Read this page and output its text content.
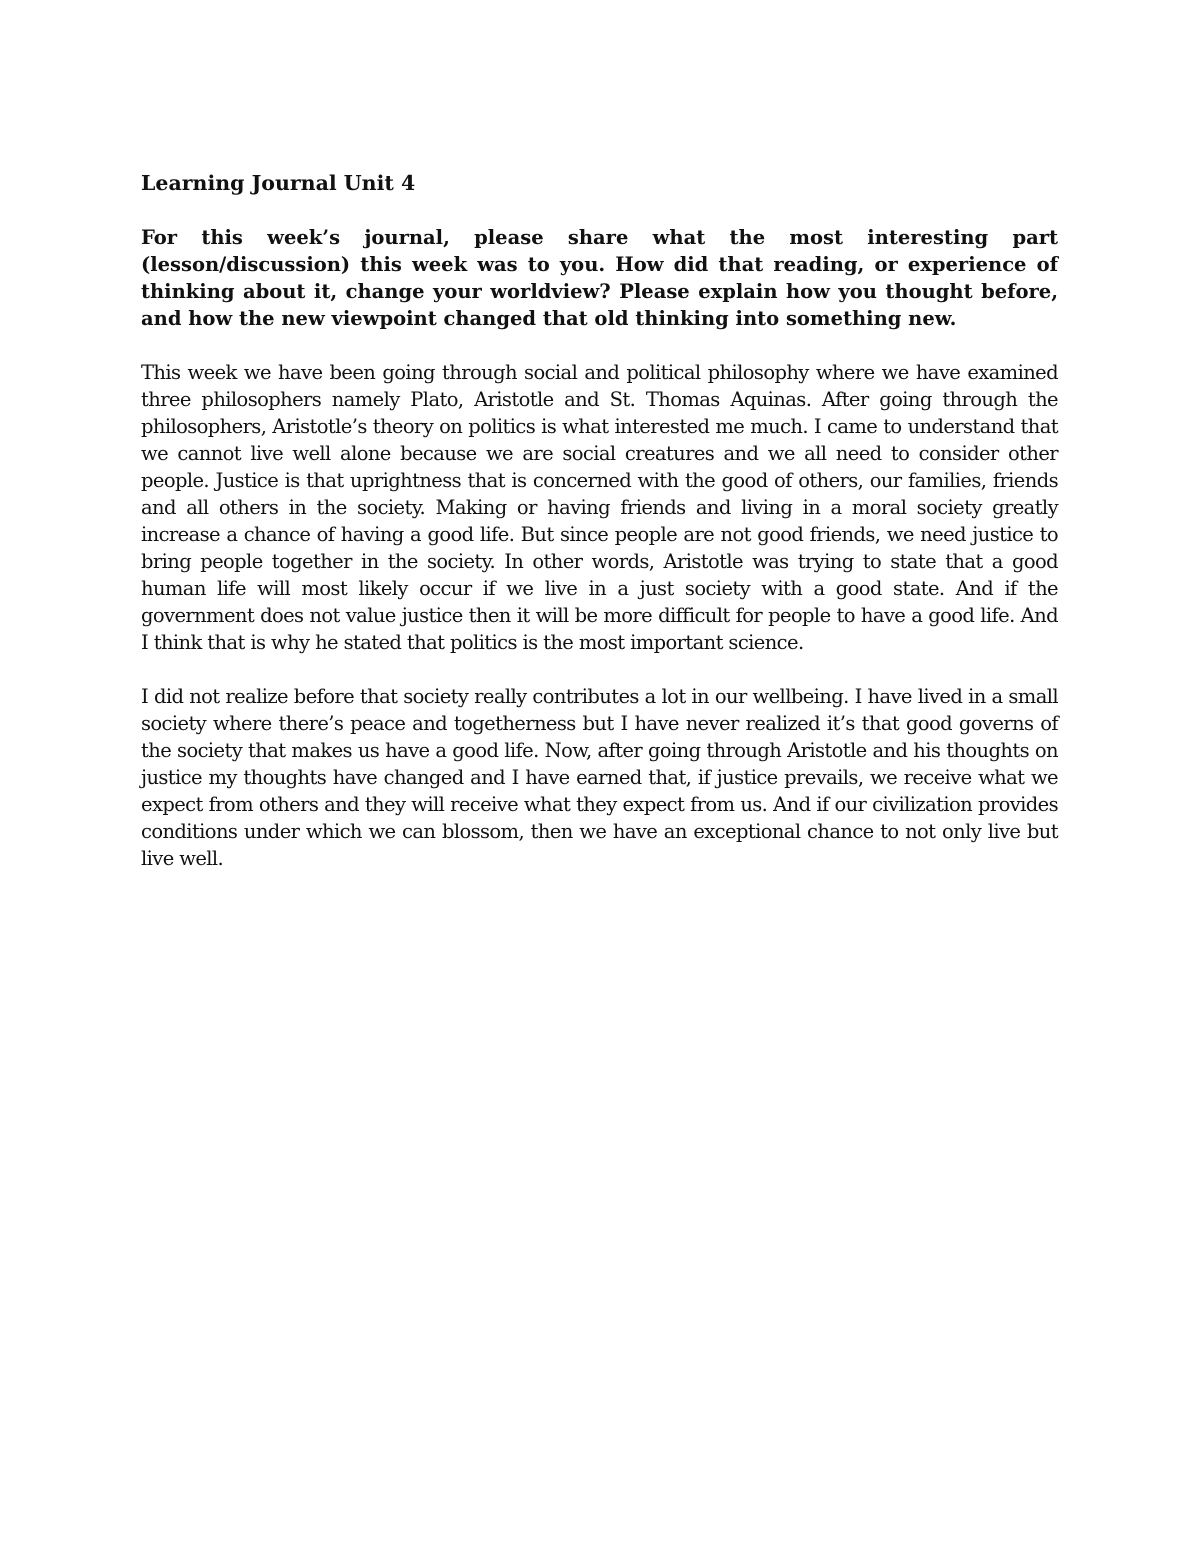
Learning Journal Unit 4

For this week’s journal, please share what the most interesting part (lesson/discussion) this week was to you. How did that reading, or experience of thinking about it, change your worldview? Please explain how you thought before, and how the new viewpoint changed that old thinking into something new.

This week we have been going through social and political philosophy where we have examined three philosophers namely Plato, Aristotle and St. Thomas Aquinas. After going through the philosophers, Aristotle’s theory on politics is what interested me much. I came to understand that we cannot live well alone because we are social creatures and we all need to consider other people. Justice is that uprightness that is concerned with the good of others, our families, friends and all others in the society. Making or having friends and living in a moral society greatly increase a chance of having a good life. But since people are not good friends, we need justice to bring people together in the society. In other words, Aristotle was trying to state that a good human life will most likely occur if we live in a just society with a good state. And if the government does not value justice then it will be more difficult for people to have a good life. And I think that is why he stated that politics is the most important science.

I did not realize before that society really contributes a lot in our wellbeing. I have lived in a small society where there’s peace and togetherness but I have never realized it’s that good governs of the society that makes us have a good life. Now, after going through Aristotle and his thoughts on justice my thoughts have changed and I have earned that, if justice prevails, we receive what we expect from others and they will receive what they expect from us. And if our civilization provides conditions under which we can blossom, then we have an exceptional chance to not only live but live well.
